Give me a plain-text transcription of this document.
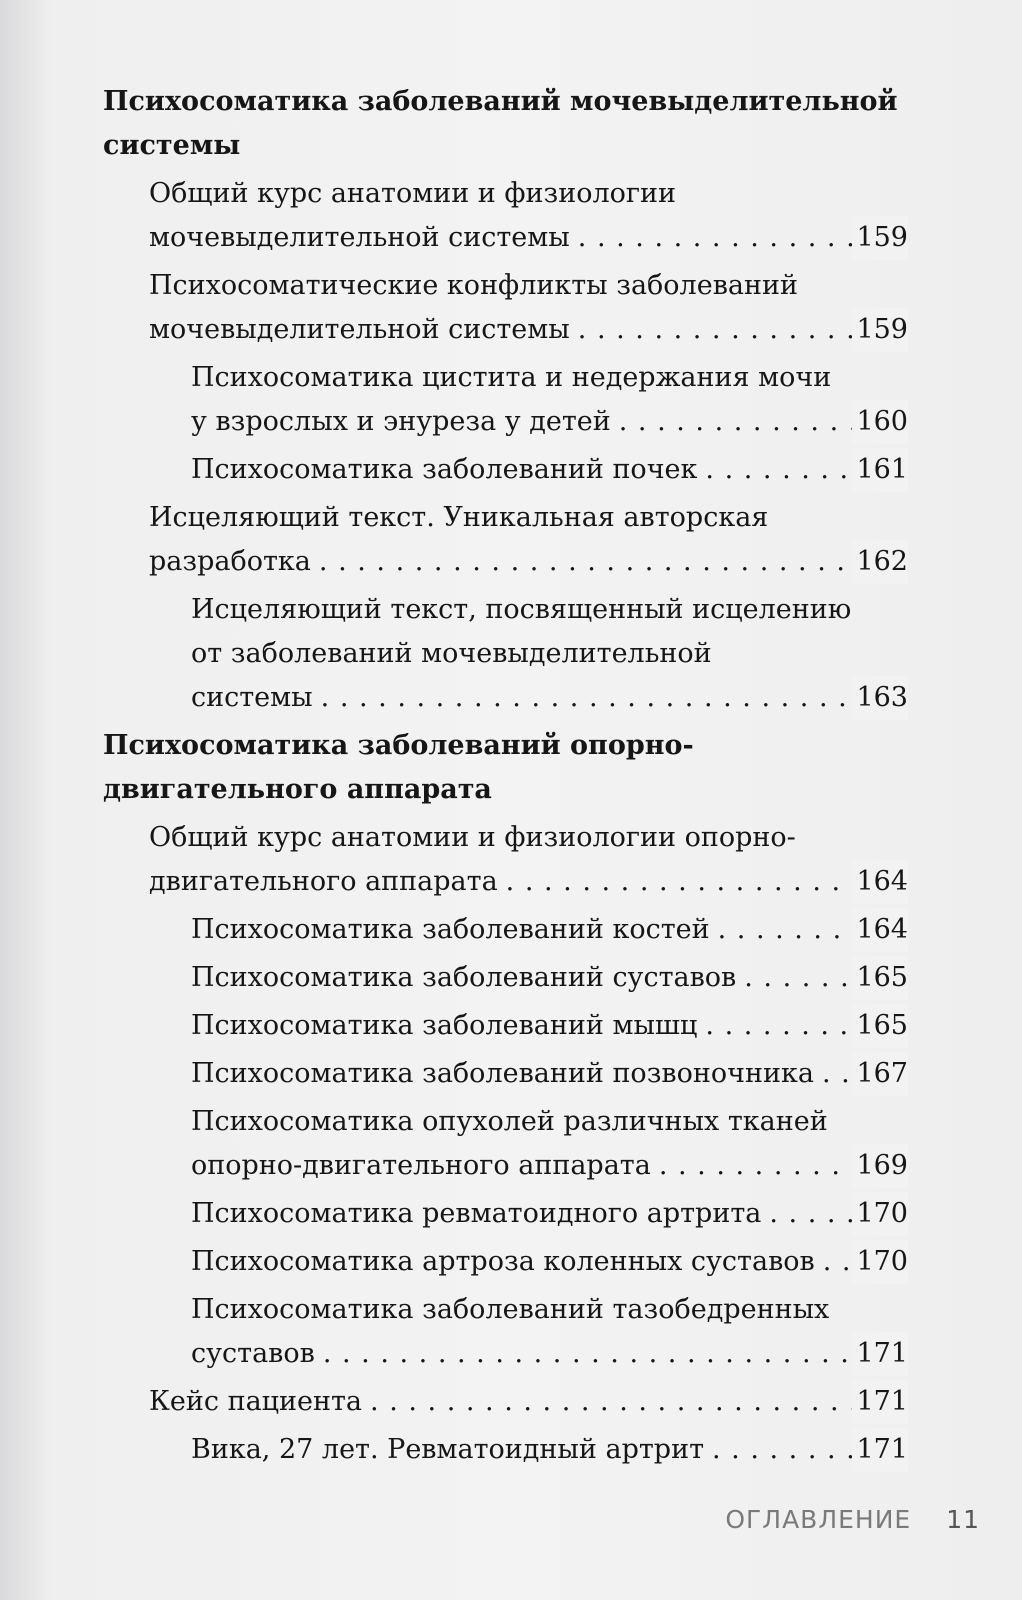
Психосоматика заболеваний мочевыделительной
системы
Общий курс анатомии и физиологии
мочевыделительной системы . . .	159
Психосоматические конфликты заболеваний
мочевыделительной системы . . .	159
Психосоматика цистита и недержания мочи
у взрослых и энуреза у детей . . .	160
Психосоматика заболеваний почек . . .	161
Исцеляющий текст. Уникальная авторская
разработка . . .	162
Исцеляющий текст, посвященный исцелению
от заболеваний мочевыделительной
системы . . .	163
Психосоматика заболеваний опорно-
двигательного аппарата
Общий курс анатомии и физиологии опорно-
двигательного аппарата . . .	164
Психосоматика заболеваний костей . . .	164
Психосоматика заболеваний суставов . . .	165
Психосоматика заболеваний мышц . . .	165
Психосоматика заболеваний позвоночника . . .	167
Психосоматика опухолей различных тканей
опорно-двигательного аппарата . . .	169
Психосоматика ревматоидного артрита . . .	170
Психосоматика артроза коленных суставов . . .	170
Психосоматика заболеваний тазобедренных
суставов . . .	171
Кейс пациента . . .	171
Вика, 27 лет. Ревматоидный артрит . . .	171
ОГЛАВЛЕНИЕ 11
